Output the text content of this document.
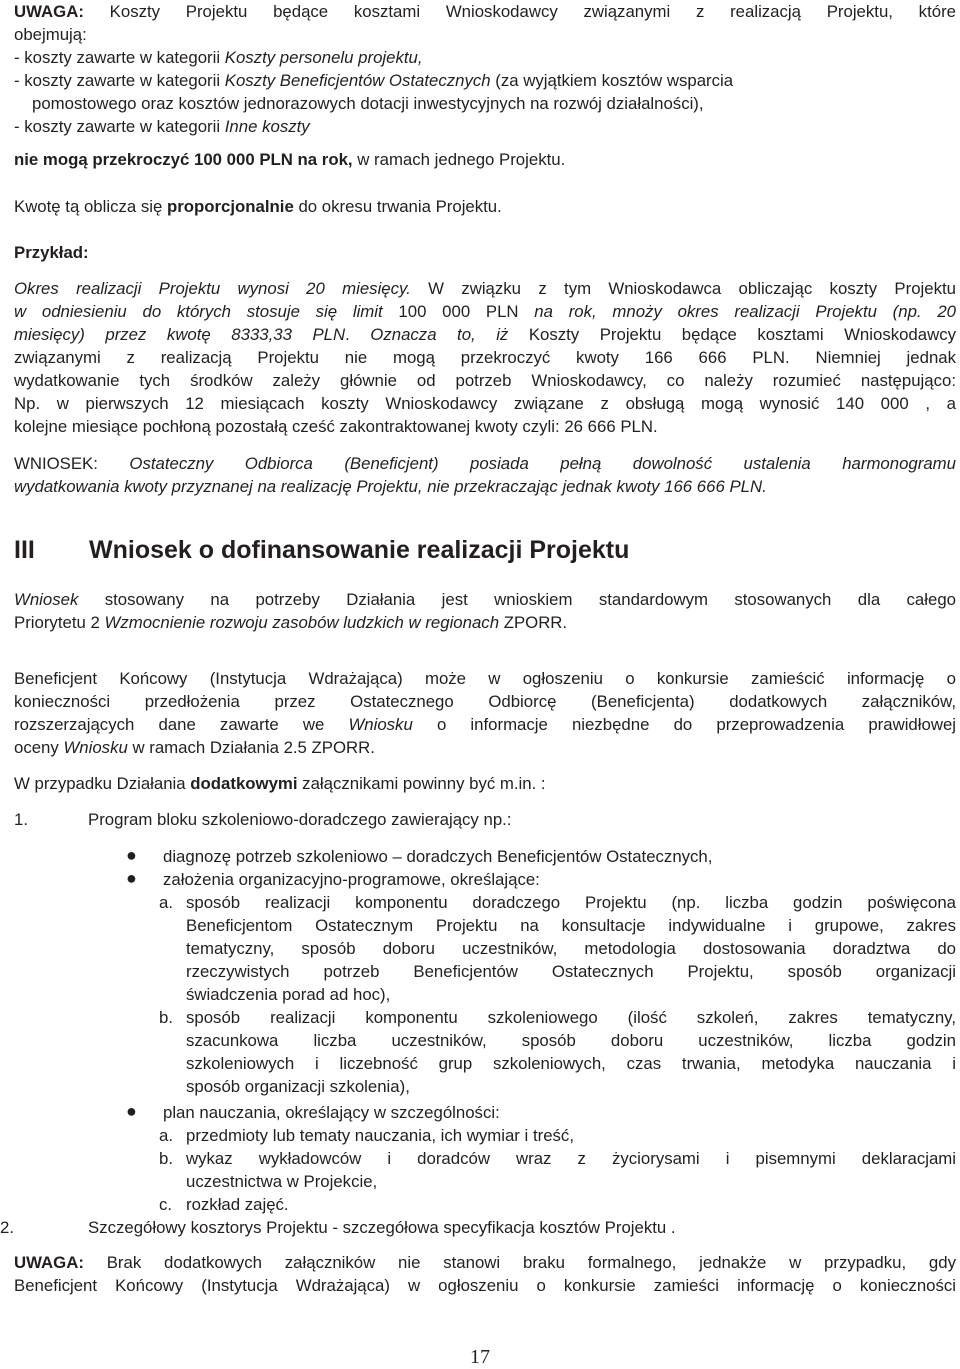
UWAGA: Koszty Projektu będące kosztami Wnioskodawcy związanymi z realizacją Projektu, które
obejmują:
- koszty zawarte w kategorii Koszty personelu projektu,
- koszty zawarte w kategorii Koszty Beneficjentów Ostatecznych (za wyjątkiem kosztów wsparcia
pomostowego oraz kosztów jednorazowych dotacji inwestycyjnych na rozwój działalności),
- koszty zawarte w kategorii Inne koszty
nie mogą przekroczyć 100 000 PLN na rok, w ramach jednego Projektu.
Kwotę tą oblicza się proporcjonalnie do okresu trwania Projektu.
Przykład:
Okres realizacji Projektu wynosi 20 miesięcy. W związku z tym Wnioskodawca obliczając koszty Projektu
w odniesieniu do których stosuje się limit 100 000 PLN na rok, mnoży okres realizacji Projektu (np. 20
miesięcy) przez kwotę 8333,33 PLN. Oznacza to, iż Koszty Projektu będące kosztami Wnioskodawcy
związanymi z realizacją Projektu nie mogą przekroczyć kwoty 166 666 PLN. Niemniej jednak
wydatkowanie tych środków zależy głównie od potrzeb Wnioskodawcy, co należy rozumieć następująco:
Np. w pierwszych 12 miesiącach koszty Wnioskodawcy związane z obsługą mogą wynosić 140 000 , a
kolejne miesiące pochłoną pozostałą cześć zakontraktowanej kwoty czyli: 26 666 PLN.
WNIOSEK: Ostateczny Odbiorca (Beneficjent) posiada pełną dowolność ustalenia harmonogramu
wydatkowania kwoty przyznanej na realizację Projektu, nie przekraczając jednak kwoty 166 666 PLN.
III Wniosek o dofinansowanie realizacji Projektu
Wniosek stosowany na potrzeby Działania jest wnioskiem standardowym stosowanych dla całego
Priorytetu 2 Wzmocnienie rozwoju zasobów ludzkich w regionach ZPORR.
Beneficjent Końcowy (Instytucja Wdrażająca) może w ogłoszeniu o konkursie zamieścić informację o
konieczności przedłożenia przez Ostatecznego Odbiorcę (Beneficjenta) dodatkowych załączników,
rozszerzających dane zawarte we Wniosku o informacje niezbędne do przeprowadzenia prawidłowej
oceny Wniosku w ramach Działania 2.5 ZPORR.
W przypadku Działania dodatkowymi załącznikami powinny być m.in. :
1.	Program bloku szkoleniowo-doradczego zawierający np.:
● diagnozę potrzeb szkoleniowo – doradczych Beneficjentów Ostatecznych,
● założenia organizacyjno-programowe, określające:
a. sposób realizacji komponentu doradczego Projektu (np. liczba godzin poświęcona
Beneficjentom Ostatecznym Projektu na konsultacje indywidualne i grupowe, zakres
tematyczny, sposób doboru uczestników, metodologia dostosowania doradztwa do
rzeczywistych potrzeb Beneficjentów Ostatecznych Projektu, sposób organizacji
świadczenia porad ad hoc),
b. sposób realizacji komponentu szkoleniowego (ilość szkoleń, zakres tematyczny,
szacunkowa liczba uczestników, sposób doboru uczestników, liczba godzin
szkoleniowych i liczebność grup szkoleniowych, czas trwania, metodyka nauczania i
sposób organizacji szkolenia),
● plan nauczania, określający w szczególności:
a. przedmioty lub tematy nauczania, ich wymiar i treść,
b. wykaz wykładowców i doradców wraz z życiorysami i pisemnymi deklaracjami
uczestnictwa w Projekcie,
c. rozkład zajęć.
2.	Szczegółowy kosztorys Projektu - szczegółowa specyfikacja kosztów Projektu .
UWAGA: Brak dodatkowych załączników nie stanowi braku formalnego, jednakże w przypadku, gdy
Beneficjent Końcowy (Instytucja Wdrażająca) w ogłoszeniu o konkursie zamieści informację o konieczności
17
